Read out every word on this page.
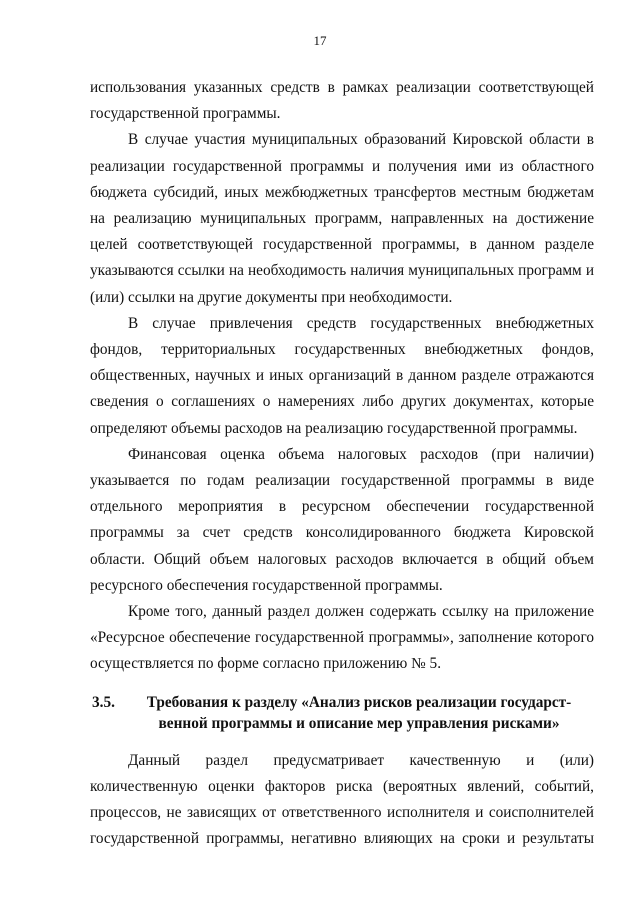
17

использования указанных средств в рамках реализации соответствующей государственной программы.

В случае участия муниципальных образований Кировской области в реализации государственной программы и получения ими из областного бюджета субсидий, иных межбюджетных трансфертов местным бюджетам на реализацию муниципальных программ, направленных на достижение целей соответствующей государственной программы, в данном разделе указываются ссылки на необходимость наличия муниципальных программ и (или) ссылки на другие документы при необходимости.

В случае привлечения средств государственных внебюджетных фондов, территориальных государственных внебюджетных фондов, общественных, научных и иных организаций в данном разделе отражаются сведения о соглашениях о намерениях либо других документах, которые определяют объемы расходов на реализацию государственной программы.

Финансовая оценка объема налоговых расходов (при наличии) указывается по годам реализации государственной программы в виде отдельного мероприятия в ресурсном обеспечении государственной программы за счет средств консолидированного бюджета Кировской области. Общий объем налоговых расходов включается в общий объем ресурсного обеспечения государственной программы.

Кроме того, данный раздел должен содержать ссылку на приложение «Ресурсное обеспечение государственной программы», заполнение которого осуществляется по форме согласно приложению № 5.

3.5.	Требования к разделу «Анализ рисков реализации государст-венной программы и описание мер управления рисками»

Данный раздел предусматривает качественную и (или) количественную оценки факторов риска (вероятных явлений, событий, процессов, не зависящих от ответственного исполнителя и соисполнителей государственной программы, негативно влияющих на сроки и результаты
